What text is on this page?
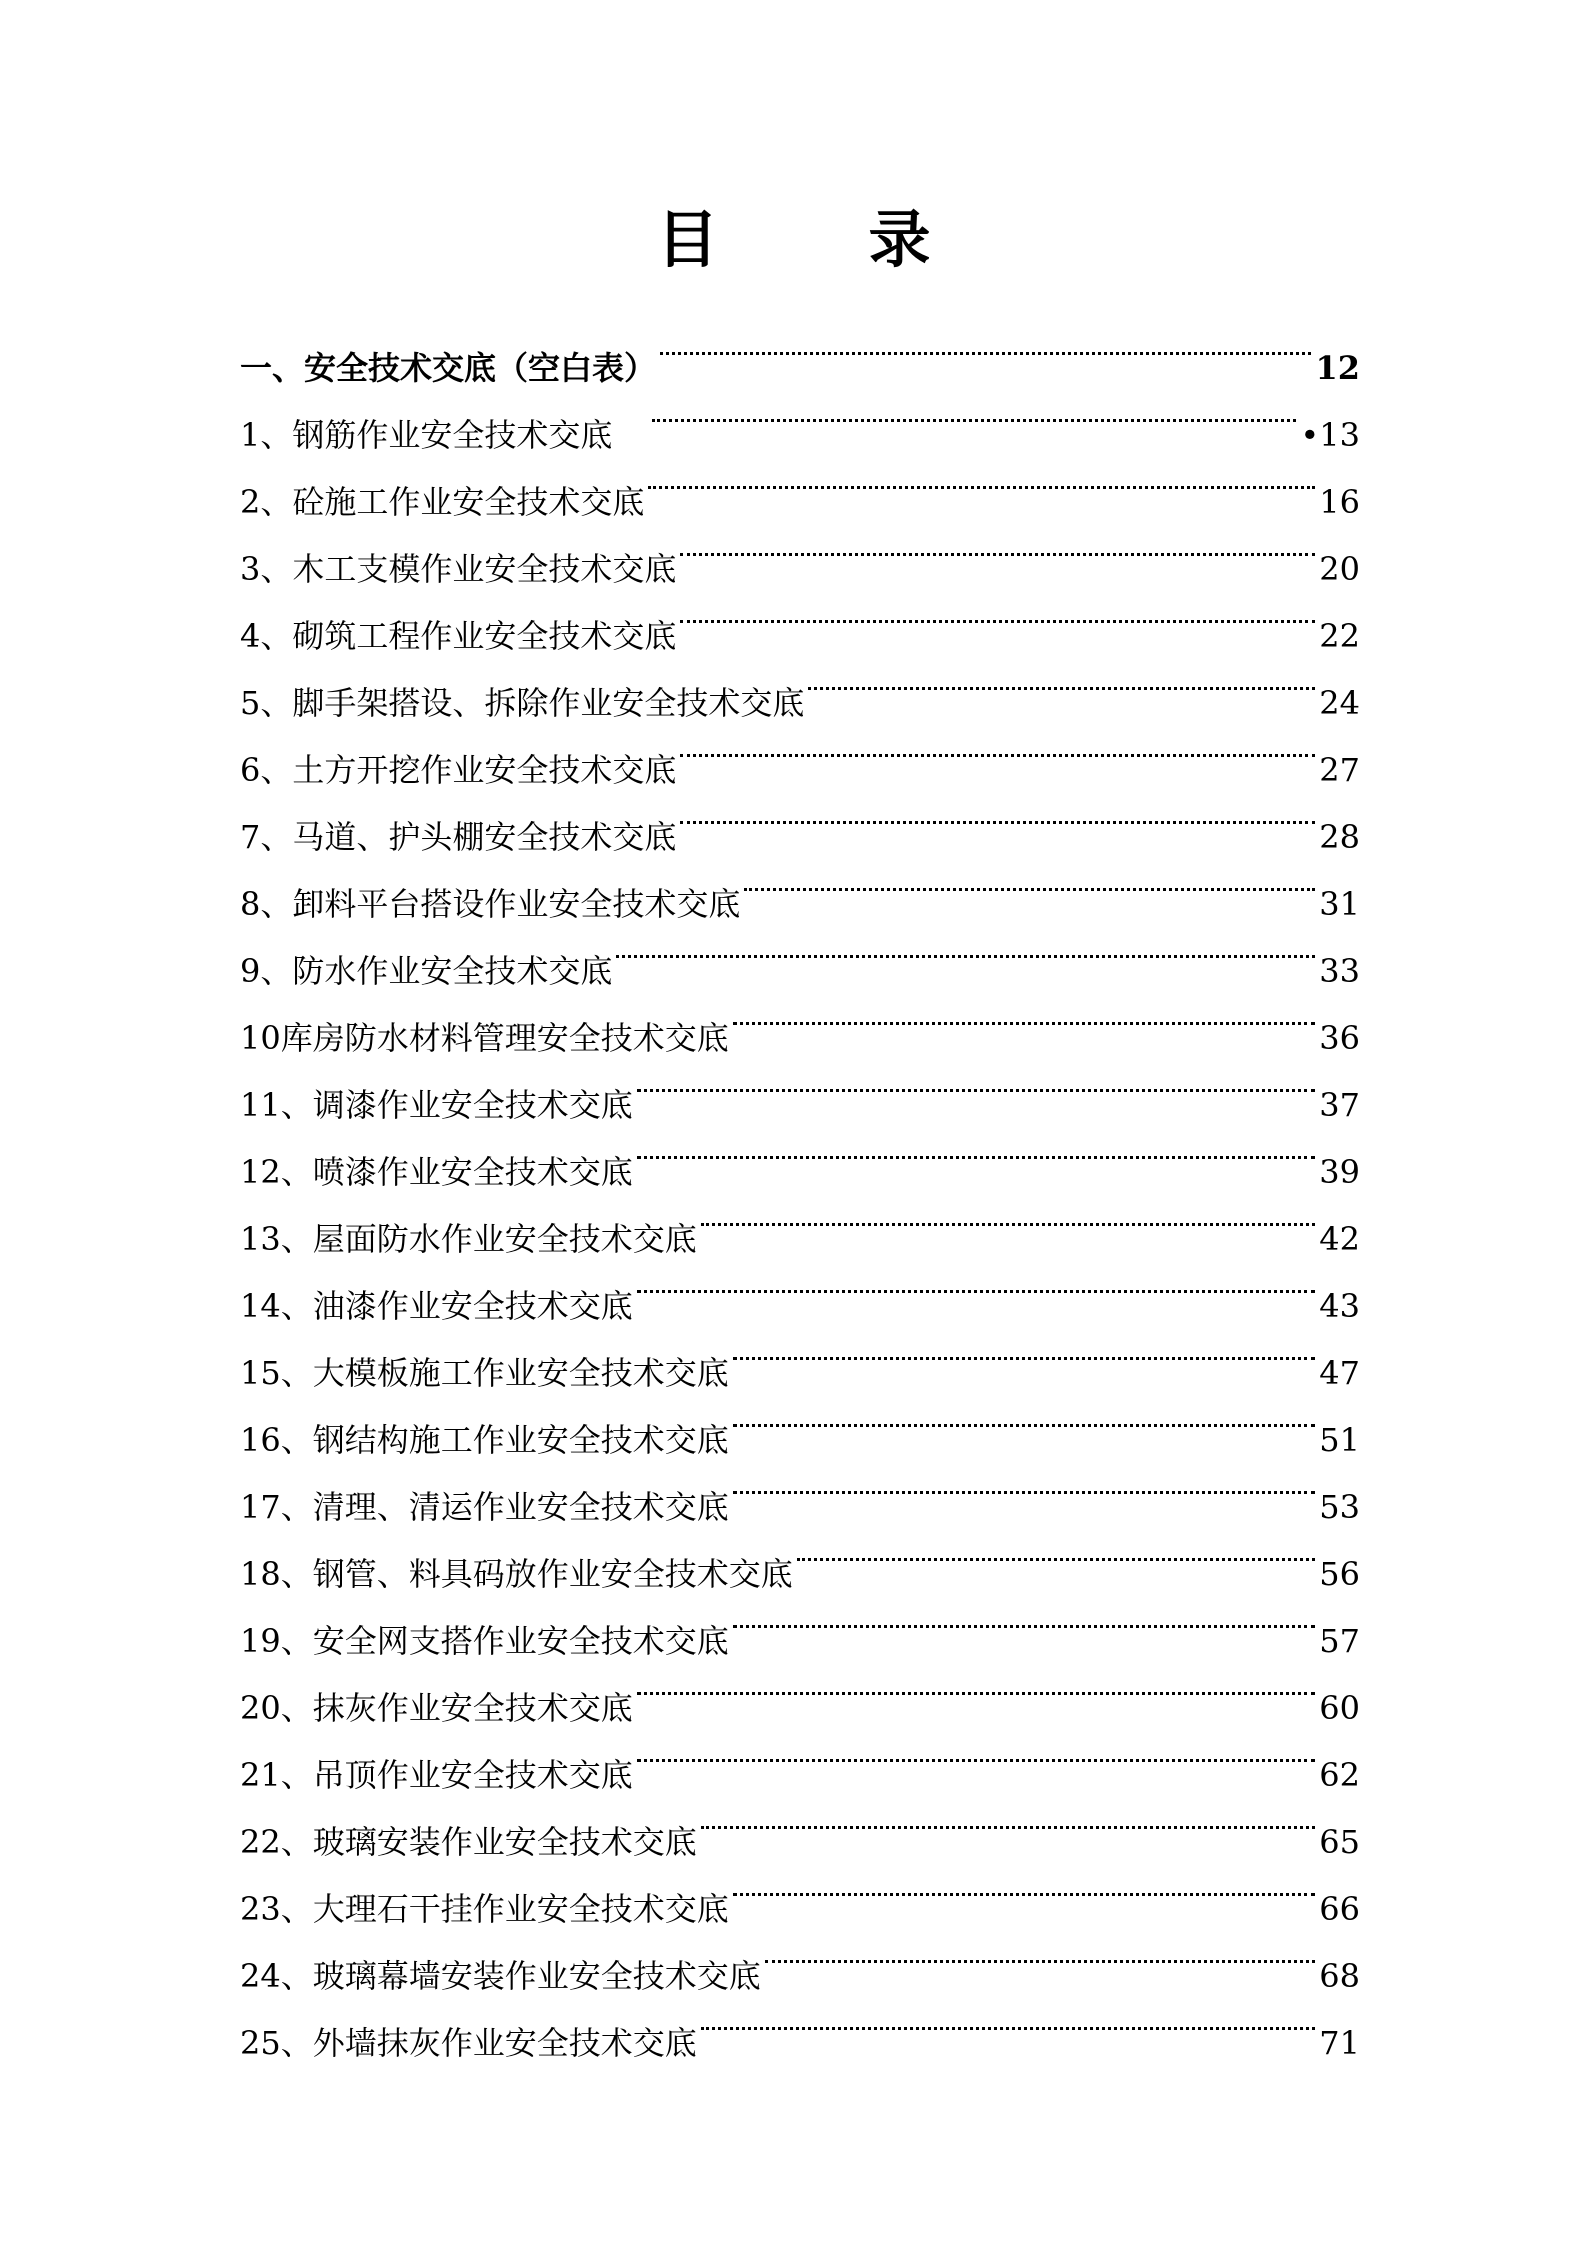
目 录
一、安全技术交底（空白表）	12
1、钢筋作业安全技术交底	•13
2、砼施工作业安全技术交底	16
3、木工支模作业安全技术交底	20
4、砌筑工程作业安全技术交底	22
5、脚手架搭设、拆除作业安全技术交底	24
6、土方开挖作业安全技术交底	27
7、马道、护头棚安全技术交底	28
8、卸料平台搭设作业安全技术交底	31
9、防水作业安全技术交底	33
10库房防水材料管理安全技术交底	36
11、调漆作业安全技术交底	37
12、喷漆作业安全技术交底	39
13、屋面防水作业安全技术交底	42
14、油漆作业安全技术交底	43
15、大模板施工作业安全技术交底	47
16、钢结构施工作业安全技术交底	51
17、清理、清运作业安全技术交底	53
18、钢管、料具码放作业安全技术交底	56
19、安全网支搭作业安全技术交底	57
20、抹灰作业安全技术交底	60
21、吊顶作业安全技术交底	62
22、玻璃安装作业安全技术交底	65
23、大理石干挂作业安全技术交底	66
24、玻璃幕墙安装作业安全技术交底	68
25、外墙抹灰作业安全技术交底	71
